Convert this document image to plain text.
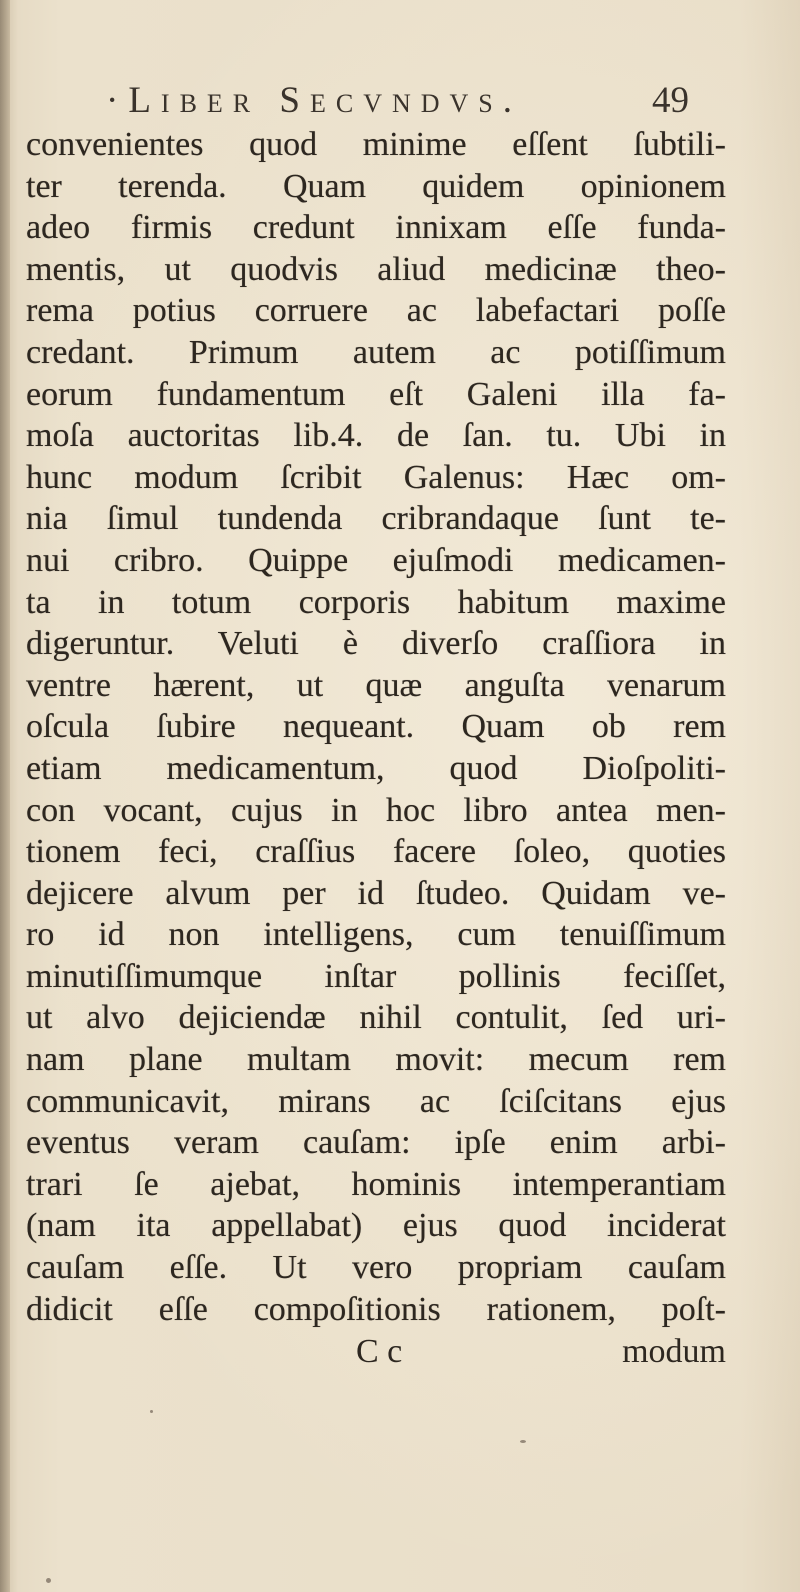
·Liber Secvndvs.	49
convenientes quod minime eſſent ſubtili-
ter terenda. Quam quidem opinionem
adeo firmis credunt innixam eſſe funda-
mentis, ut quodvis aliud medicinæ theo-
rema potius corruere ac labefactari poſſe
credant. Primum autem ac potiſſimum
eorum fundamentum eſt Galeni illa fa-
moſa auctoritas lib.4. de ſan. tu. Ubi in
hunc modum ſcribit Galenus: Hæc om-
nia ſimul tundenda cribrandaque ſunt te-
nui cribro. Quippe ejuſmodi medicamen-
ta in totum corporis habitum maxime
digeruntur. Veluti è diverſo craſſiora in
ventre hærent, ut quæ anguſta venarum
oſcula ſubire nequeant. Quam ob rem
etiam medicamentum, quod Dioſpoliti-
con vocant, cujus in hoc libro antea men-
tionem feci, craſſius facere ſoleo, quoties
dejicere alvum per id ſtudeo. Quidam ve-
ro id non intelligens, cum tenuiſſimum
minutiſſimumque inſtar pollinis feciſſet,
ut alvo dejiciendæ nihil contulit, ſed uri-
nam plane multam movit: mecum rem
communicavit, mirans ac ſciſcitans ejus
eventus veram cauſam: ipſe enim arbi-
trari ſe ajebat, hominis intemperantiam
(nam ita appellabat) ejus quod inciderat
cauſam eſſe. Ut vero propriam cauſam
didicit eſſe compoſitionis rationem, poſt-
C c	modum
